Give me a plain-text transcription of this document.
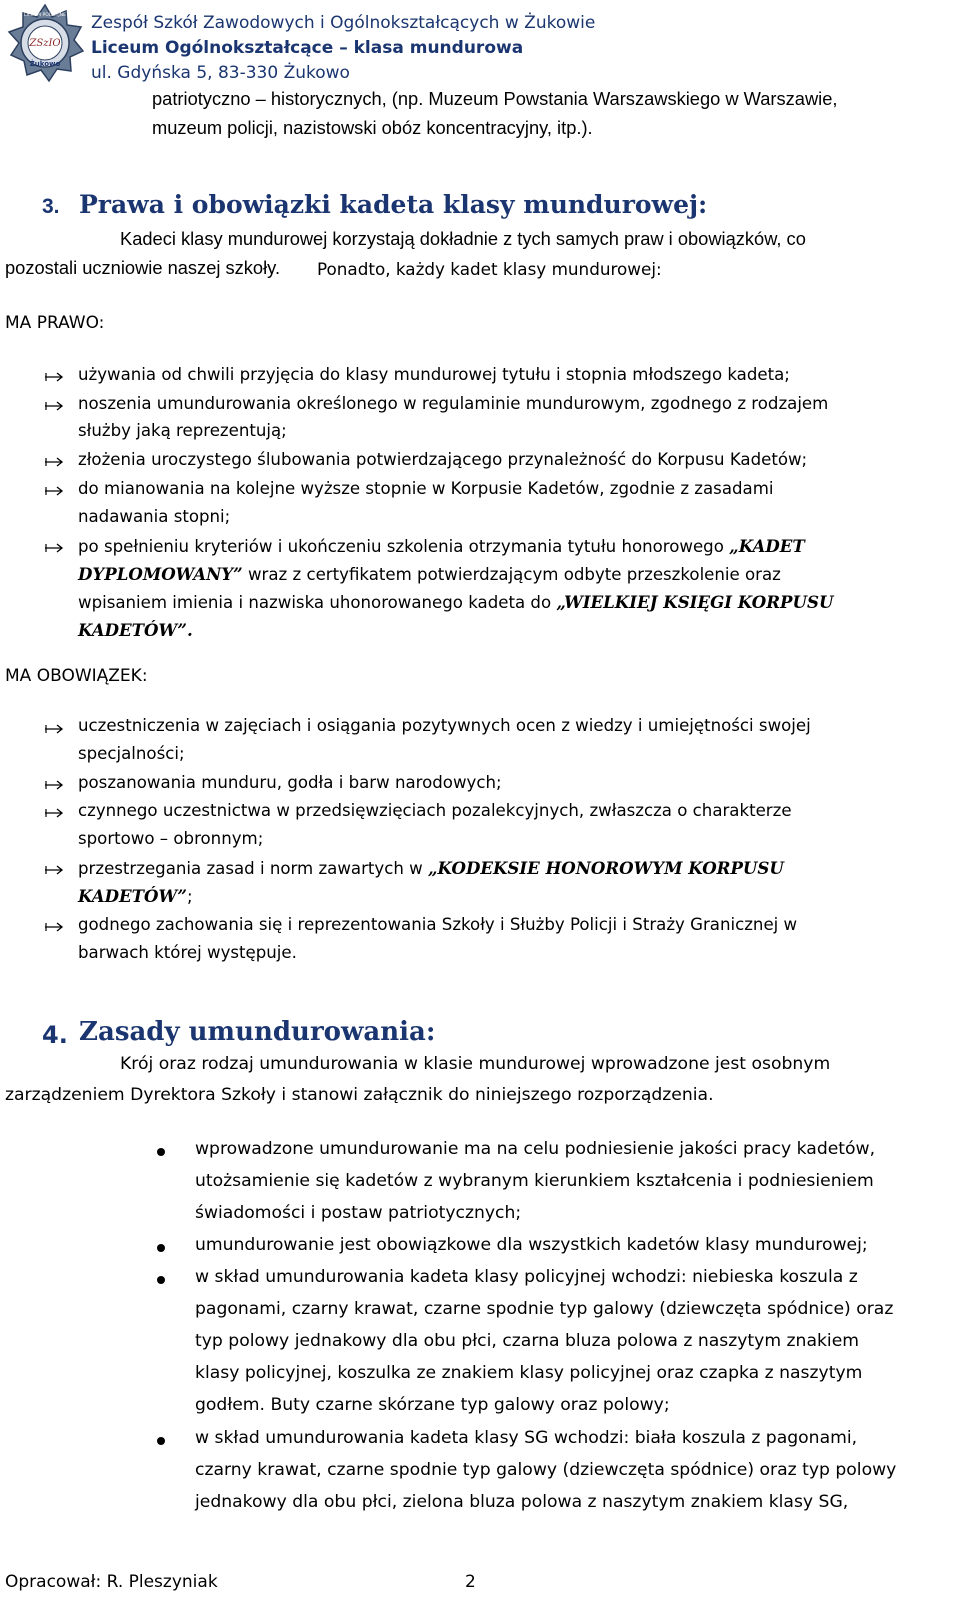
ZSzIO
Żukowo
LICEUM POLICYJNE Zespół Szkół Zawodowych i Ogólnokształcących w Żukowie
Liceum Ogólnokształcące – klasa mundurowa
ul. Gdyńska 5, 83-330 Żukowo
patriotyczno – historycznych, (np. Muzeum Powstania Warszawskiego w Warszawie,
muzeum policji, nazistowski obóz koncentracyjny, itp.).
3. Prawa i obowiązki kadeta klasy mundurowej:
Kadeci klasy mundurowej korzystają dokładnie z tych samych praw i obowiązków, co
pozostali uczniowie naszej szkoły. Ponadto, każdy kadet klasy mundurowej:
MA PRAWO:
używania od chwili przyjęcia do klasy mundurowej tytułu i stopnia młodszego kadeta;
noszenia umundurowania określonego w regulaminie mundurowym, zgodnego z rodzajem
służby jaką reprezentują;
złożenia uroczystego ślubowania potwierdzającego przynależność do Korpusu Kadetów;
do mianowania na kolejne wyższe stopnie w Korpusie Kadetów, zgodnie z zasadami
nadawania stopni;
po spełnieniu kryteriów i ukończeniu szkolenia otrzymania tytułu honorowego „KADET
DYPLOMOWANY” wraz z certyfikatem potwierdzającym odbyte przeszkolenie oraz
wpisaniem imienia i nazwiska uhonorowanego kadeta do „WIELKIEJ KSIĘGI KORPUSU
KADETÓW”.
MA OBOWIĄZEK:
uczestniczenia w zajęciach i osiągania pozytywnych ocen z wiedzy i umiejętności swojej
specjalności;
poszanowania munduru, godła i barw narodowych;
czynnego uczestnictwa w przedsięwzięciach pozalekcyjnych, zwłaszcza o charakterze
sportowo – obronnym;
przestrzegania zasad i norm zawartych w „KODEKSIE HONOROWYM KORPUSU
KADETÓW”;
godnego zachowania się i reprezentowania Szkoły i Służby Policji i Straży Granicznej w
barwach której występuje.
4. Zasady umundurowania:
Krój oraz rodzaj umundurowania w klasie mundurowej wprowadzone jest osobnym
zarządzeniem Dyrektora Szkoły i stanowi załącznik do niniejszego rozporządzenia.
wprowadzone umundurowanie ma na celu podniesienie jakości pracy kadetów,
utożsamienie się kadetów z wybranym kierunkiem kształcenia i podniesieniem
świadomości i postaw patriotycznych;
umundurowanie jest obowiązkowe dla wszystkich kadetów klasy mundurowej;
w skład umundurowania kadeta klasy policyjnej wchodzi: niebieska koszula z
pagonami, czarny krawat, czarne spodnie typ galowy (dziewczęta spódnice) oraz
typ polowy jednakowy dla obu płci, czarna bluza polowa z naszytym znakiem
klasy policyjnej, koszulka ze znakiem klasy policyjnej oraz czapka z naszytym
godłem. Buty czarne skórzane typ galowy oraz polowy;
w skład umundurowania kadeta klasy SG wchodzi: biała koszula z pagonami,
czarny krawat, czarne spodnie typ galowy (dziewczęta spódnice) oraz typ polowy
jednakowy dla obu płci, zielona bluza polowa z naszytym znakiem klasy SG,
Opracował: R. Pleszyniak	2
